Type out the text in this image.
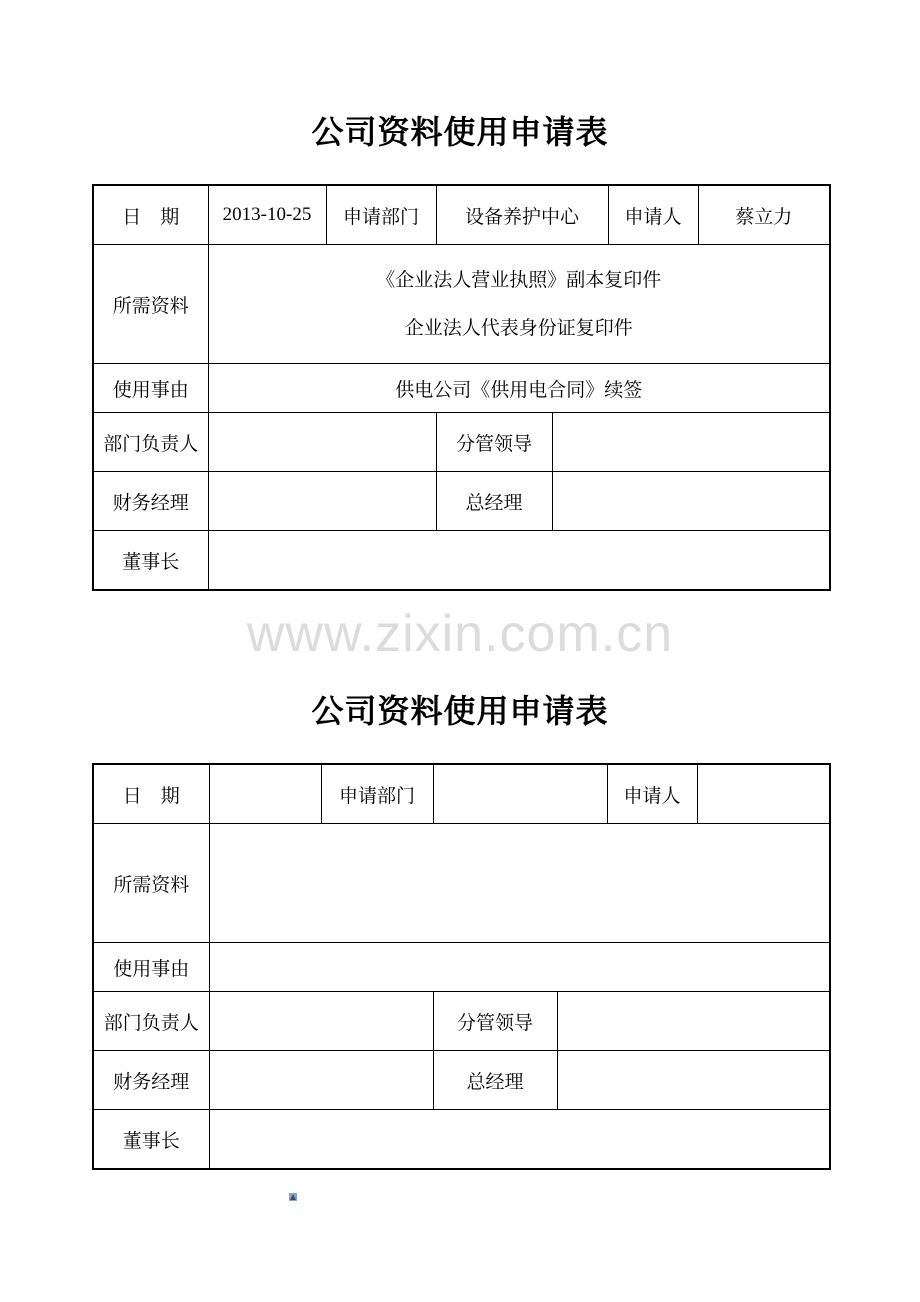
公司资料使用申请表
日　期	2013-10-25	申请部门	设备养护中心		申请人	蔡立力
所需资料	《企业法人营业执照》副本复印件
企业法人代表身份证复印件					

使用事由	供电公司《供用电合同》续签					
部门负责人			分管领导			
财务经理			总经理			
董事长						
www.zixin.com.cn
公司资料使用申请表
日　期		申请部门			申请人	
所需资料						
使用事由						
部门负责人			分管领导			
财务经理			总经理			
董事长						
